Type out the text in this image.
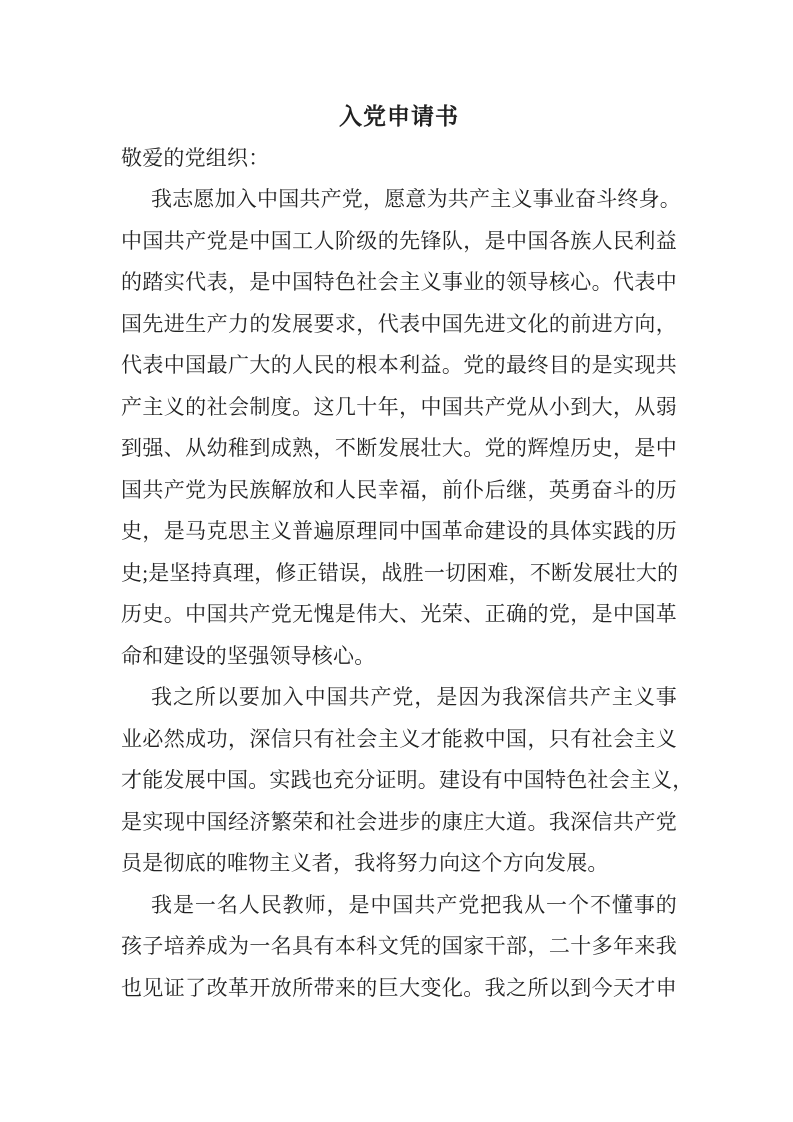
入党申请书
敬爱的党组织：
我志愿加入中国共产党，愿意为共产主义事业奋斗终身。
中国共产党是中国工人阶级的先锋队，是中国各族人民利益
的踏实代表，是中国特色社会主义事业的领导核心。代表中
国先进生产力的发展要求，代表中国先进文化的前进方向，
代表中国最广大的人民的根本利益。党的最终目的是实现共
产主义的社会制度。这几十年，中国共产党从小到大，从弱
到强、从幼稚到成熟，不断发展壮大。党的辉煌历史，是中
国共产党为民族解放和人民幸福，前仆后继，英勇奋斗的历
史，是马克思主义普遍原理同中国革命建设的具体实践的历
史;是坚持真理，修正错误，战胜一切困难，不断发展壮大的
历史。中国共产党无愧是伟大、光荣、正确的党，是中国革
命和建设的坚强领导核心。
我之所以要加入中国共产党，是因为我深信共产主义事
业必然成功，深信只有社会主义才能救中国，只有社会主义
才能发展中国。实践也充分证明。建设有中国特色社会主义，
是实现中国经济繁荣和社会进步的康庄大道。我深信共产党
员是彻底的唯物主义者，我将努力向这个方向发展。
我是一名人民教师，是中国共产党把我从一个不懂事的
孩子培养成为一名具有本科文凭的国家干部，二十多年来我
也见证了改革开放所带来的巨大变化。我之所以到今天才申
